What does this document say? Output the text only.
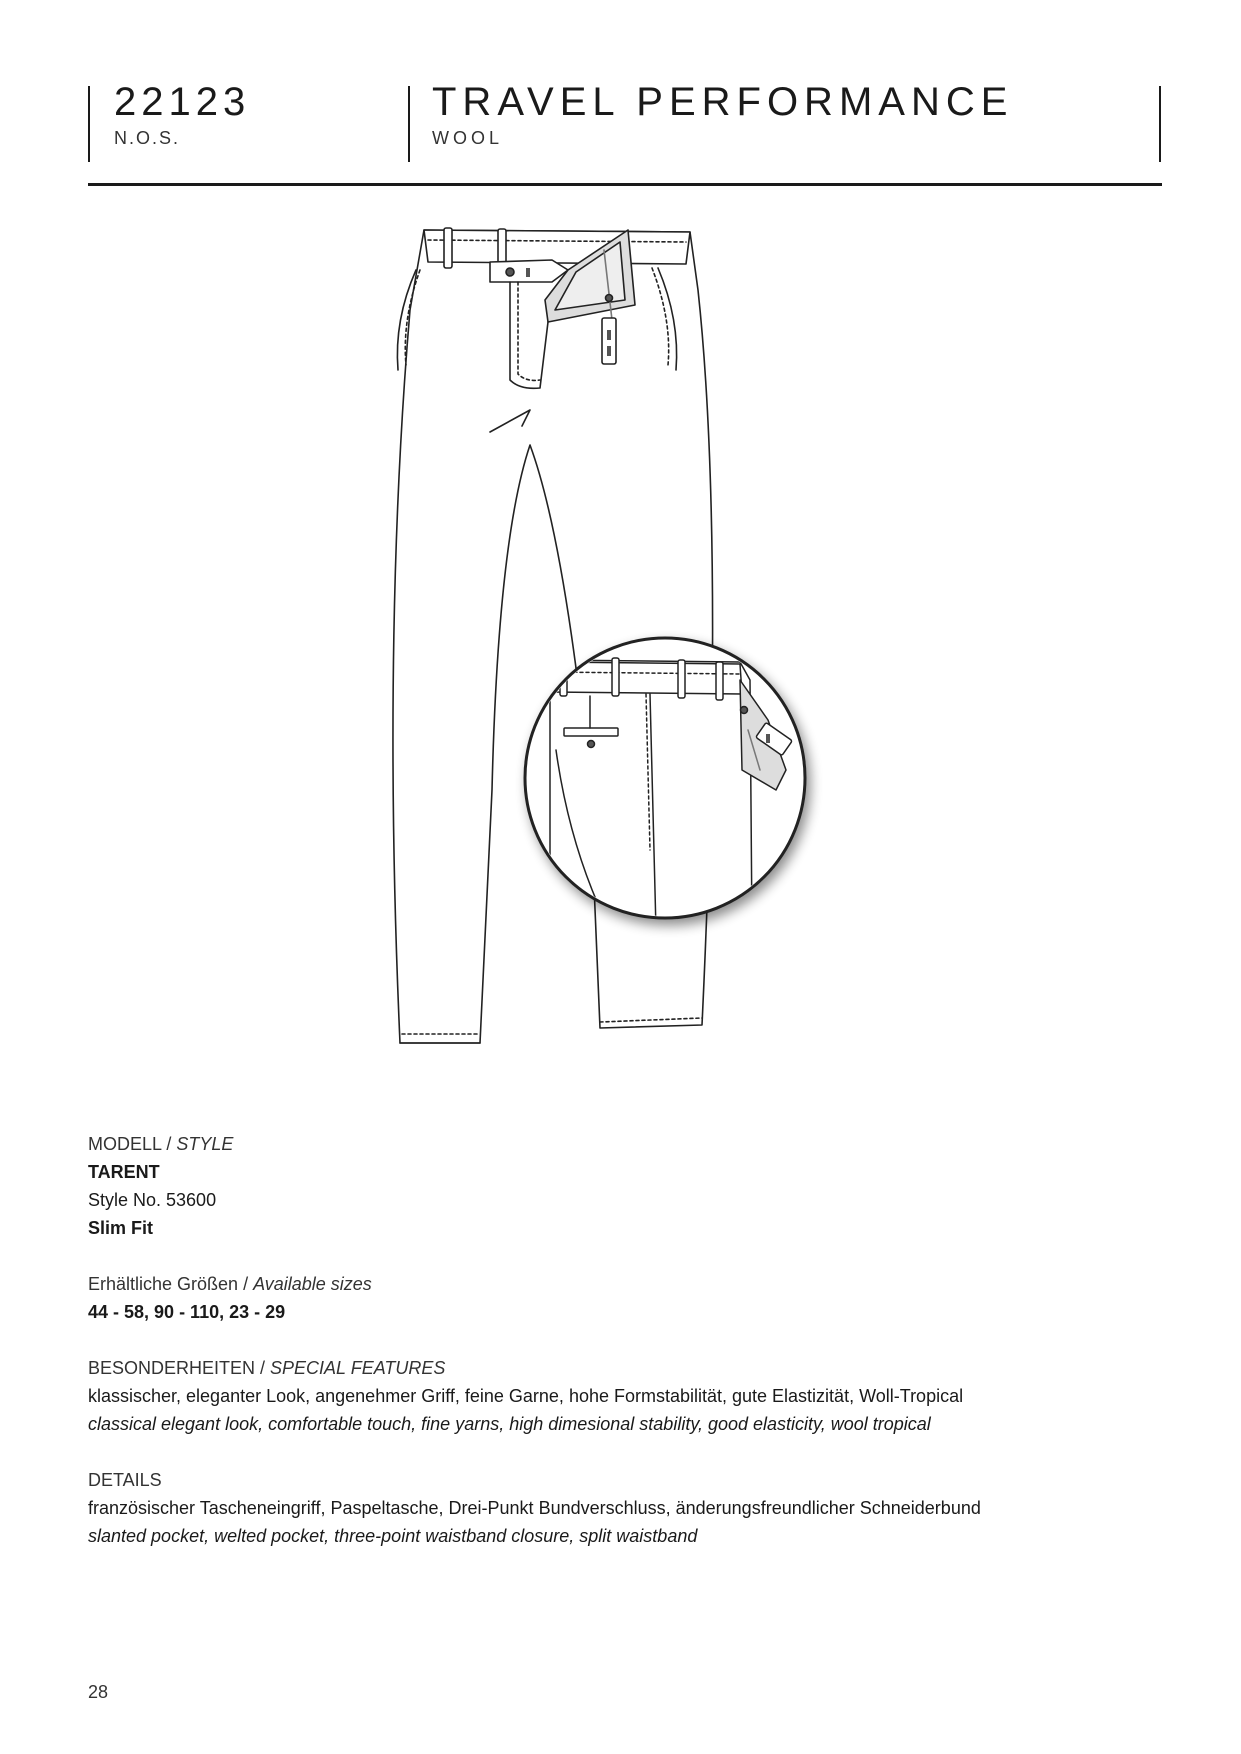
22123
N.O.S.
TRAVEL PERFORMANCE
WOOL
MODELL / STYLE
TARENT
Style No. 53600
Slim Fit
Erhältliche Größen / Available sizes
44 - 58, 90 - 110, 23 - 29
BESONDERHEITEN / SPECIAL FEATURES
klassischer, eleganter Look, angenehmer Griff, feine Garne, hohe Formstabilität, gute Elastizität, Woll-Tropical
classical elegant look, comfortable touch, fine yarns, high dimesional stability, good elasticity, wool tropical
DETAILS
französischer Tascheneingriff, Paspeltasche, Drei-Punkt Bundverschluss, änderungsfreundlicher Schneiderbund
slanted pocket, welted pocket, three-point waistband closure, split waistband
28
